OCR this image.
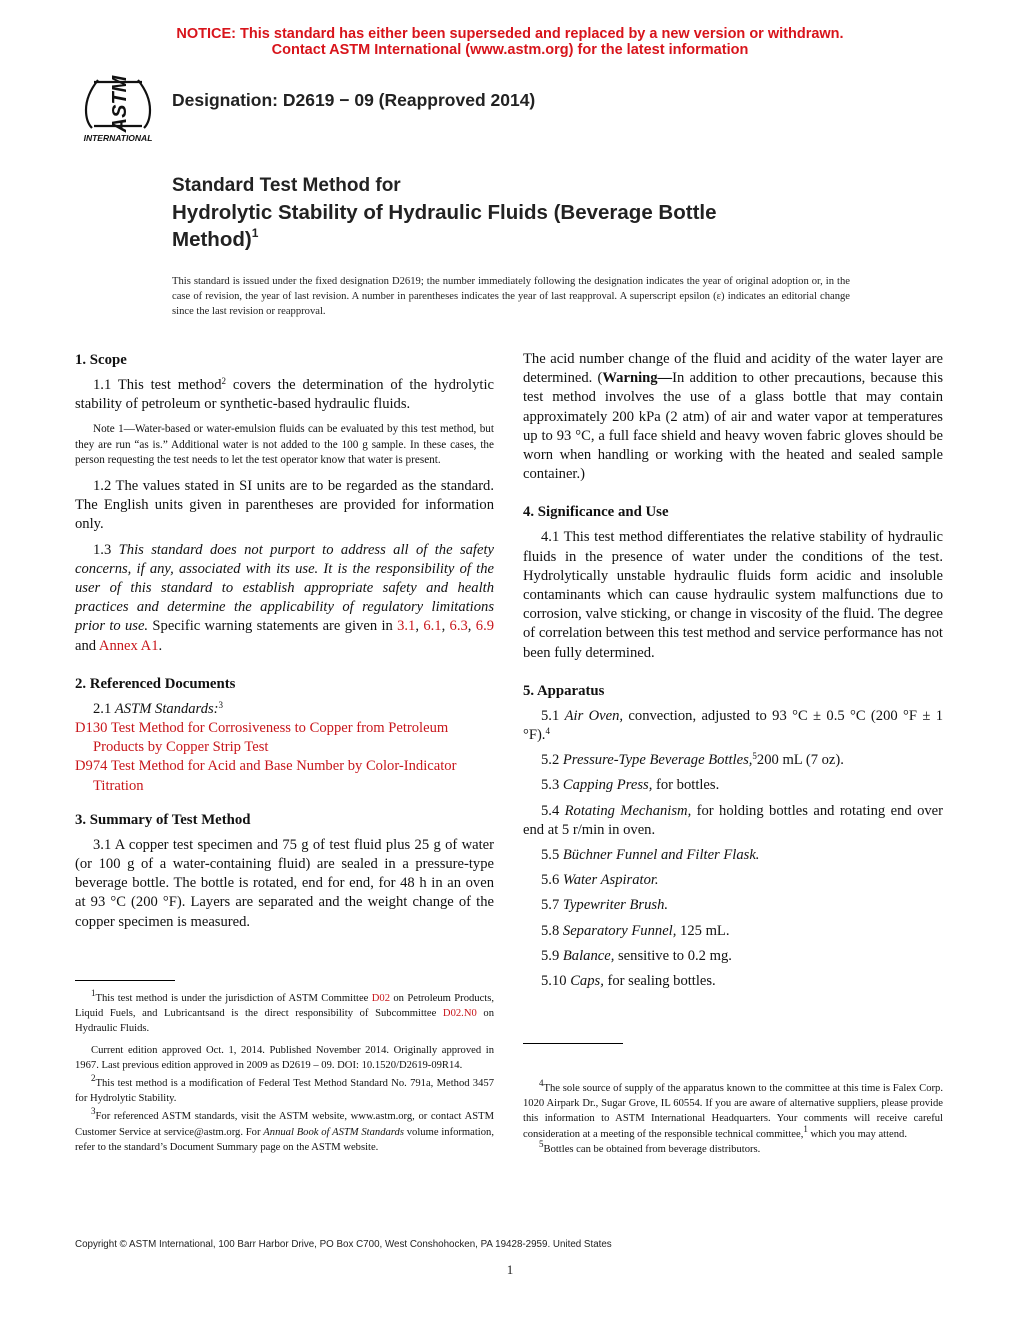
NOTICE: This standard has either been superseded and replaced by a new version or withdrawn.
Contact ASTM International (www.astm.org) for the latest information
ASTM
INTERNATIONAL
Designation: D2619 − 09 (Reapproved 2014)
Standard Test Method for
Hydrolytic Stability of Hydraulic Fluids (Beverage Bottle
Method)$^1$
This standard is issued under the fixed designation D2619; the number immediately following the designation indicates the year of original adoption or, in the case of revision, the year of last revision. A number in parentheses indicates the year of last reapproval. A superscript epsilon (ε) indicates an editorial change since the last revision or reapproval.
1. Scope

1.1 This test method$^2$ covers the determination of the hydrolytic stability of petroleum or synthetic-based hydraulic fluids.

Note 1—Water-based or water-emulsion fluids can be evaluated by this test method, but they are run “as is.” Additional water is not added to the 100 g sample. In these cases, the person requesting the test needs to let the test operator know that water is present.

1.2 The values stated in SI units are to be regarded as the standard. The English units given in parentheses are provided for information only.

1.3 This standard does not purport to address all of the safety concerns, if any, associated with its use. It is the responsibility of the user of this standard to establish appropriate safety and health practices and determine the applicability of regulatory limitations prior to use. Specific warning statements are given in 3.1, 6.1, 6.3, 6.9 and Annex A1.

2. Referenced Documents

2.1 ASTM Standards:$^3$

D130 Test Method for Corrosiveness to Copper from Petroleum Products by Copper Strip Test

D974 Test Method for Acid and Base Number by Color-Indicator Titration

3. Summary of Test Method

3.1 A copper test specimen and 75 g of test fluid plus 25 g of water (or 100 g of a water-containing fluid) are sealed in a pressure-type beverage bottle. The bottle is rotated, end for end, for 48 h in an oven at 93 °C (200 °F). Layers are separated and the weight change of the copper specimen is measured.

The acid number change of the fluid and acidity of the water layer are determined. (Warning—In addition to other precautions, because this test method involves the use of a glass bottle that may contain approximately 200 kPa (2 atm) of air and water vapor at temperatures up to 93 °C, a full face shield and heavy woven fabric gloves should be worn when handling or working with the heated and sealed sample container.)

4. Significance and Use

4.1 This test method differentiates the relative stability of hydraulic fluids in the presence of water under the conditions of the test. Hydrolytically unstable hydraulic fluids form acidic and insoluble contaminants which can cause hydraulic system malfunctions due to corrosion, valve sticking, or change in viscosity of the fluid. The degree of correlation between this test method and service performance has not been fully determined.

5. Apparatus

5.1 Air Oven, convection, adjusted to 93 °C ± 0.5 °C (200 °F ± 1 °F).$^4$

5.2 Pressure-Type Beverage Bottles,$^5$200 mL (7 oz).

5.3 Capping Press, for bottles.

5.4 Rotating Mechanism, for holding bottles and rotating end over end at 5 r/min in oven.

5.5 Büchner Funnel and Filter Flask.

5.6 Water Aspirator.

5.7 Typewriter Brush.

5.8 Separatory Funnel, 125 mL.

5.9 Balance, sensitive to 0.2 mg.

5.10 Caps, for sealing bottles.

$^1$This test method is under the jurisdiction of ASTM Committee D02 on Petroleum Products, Liquid Fuels, and Lubricantsand is the direct responsibility of Subcommittee D02.N0 on Hydraulic Fluids.

Current edition approved Oct. 1, 2014. Published November 2014. Originally approved in 1967. Last previous edition approved in 2009 as D2619 – 09. DOI: 10.1520/D2619-09R14.

$^2$This test method is a modification of Federal Test Method Standard No. 791a, Method 3457 for Hydrolytic Stability.

$^3$For referenced ASTM standards, visit the ASTM website, www.astm.org, or contact ASTM Customer Service at service@astm.org. For Annual Book of ASTM Standards volume information, refer to the standard’s Document Summary page on the ASTM website.

$^4$The sole source of supply of the apparatus known to the committee at this time is Falex Corp. 1020 Airpark Dr., Sugar Grove, IL 60554. If you are aware of alternative suppliers, please provide this information to ASTM International Headquarters. Your comments will receive careful consideration at a meeting of the responsible technical committee,$^1$ which you may attend.

$^5$Bottles can be obtained from beverage distributors.

Copyright © ASTM International, 100 Barr Harbor Drive, PO Box C700, West Conshohocken, PA 19428-2959. United States
1
